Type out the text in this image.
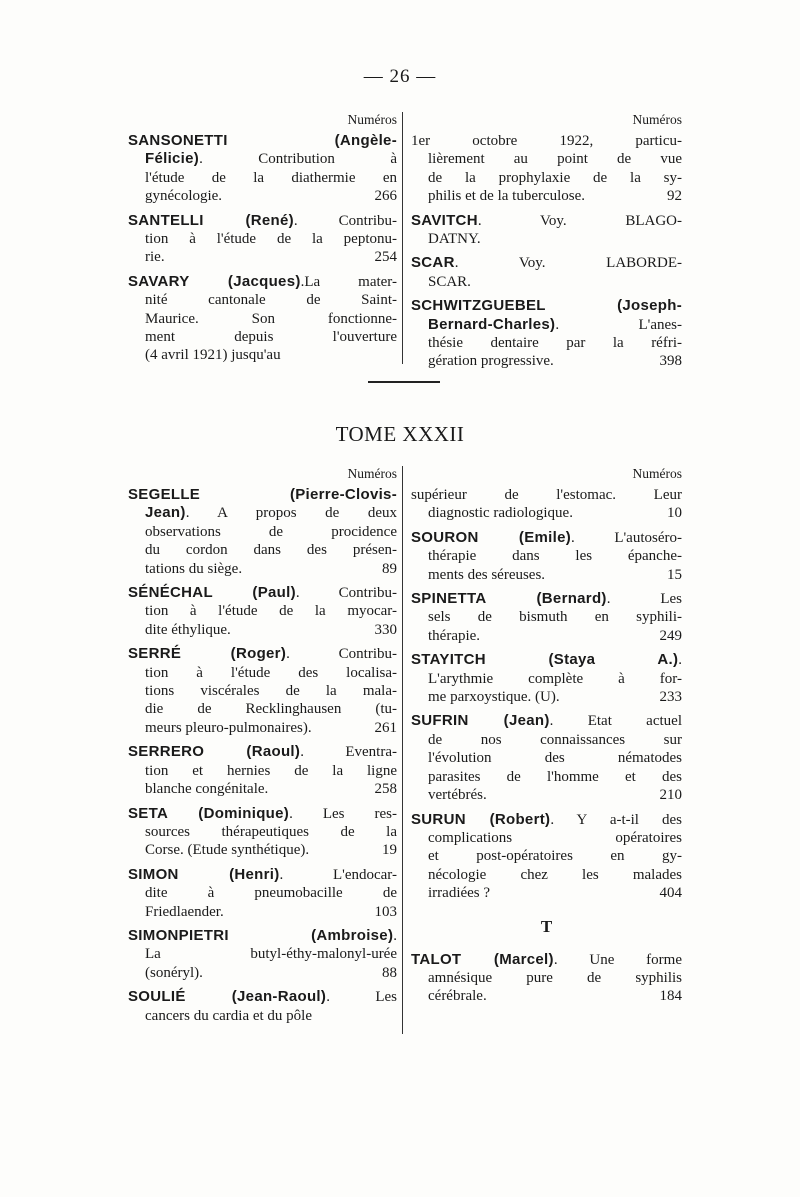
— 26 —
Numéros
SANSONETTI (Angèle-
Félicie). Contribution à
l'étude de la diathermie en
gynécologie.	266
SANTELLI (René). Contribu-
tion à l'étude de la peptonu-
rie.	254
SAVARY (Jacques).La mater-
nité cantonale de Saint-
Maurice. Son fonctionne-
ment depuis l'ouverture
(4 avril 1921) jusqu'au
Numéros
1er octobre 1922, particu-
lièrement au point de vue
de la prophylaxie de la sy-
philis et de la tuberculose.	92
SAVITCH. Voy. BLAGO-
DATNY.
SCAR. Voy. LABORDE-
SCAR.
SCHWITZGUEBEL (Joseph-
Bernard-Charles). L'anes-
thésie dentaire par la réfri-
gération progressive.	398
TOME XXXII
Numéros
SEGELLE (Pierre-Clovis-
Jean). A propos de deux
observations de procidence
du cordon dans des présen-
tations du siège.	89
SÉNÉCHAL (Paul). Contribu-
tion à l'étude de la myocar-
dite éthylique.	330
SERRÉ (Roger). Contribu-
tion à l'étude des localisa-
tions viscérales de la mala-
die de Recklinghausen (tu-
meurs pleuro-pulmonaires).	261
SERRERO (Raoul). Eventra-
tion et hernies de la ligne
blanche congénitale.	258
SETA (Dominique). Les res-
sources thérapeutiques de la
Corse. (Etude synthétique).	19
SIMON (Henri). L'endocar-
dite à pneumobacille de
Friedlaender.	103
SIMONPIETRI (Ambroise).
La butyl-éthy-malonyl-urée
(sonéryl).	88
SOULIÉ (Jean-Raoul). Les
cancers du cardia et du pôle
Numéros
supérieur de l'estomac. Leur
diagnostic radiologique.	10
SOURON (Emile). L'autoséro-
thérapie dans les épanche-
ments des séreuses.	15
SPINETTA (Bernard). Les
sels de bismuth en syphili-
thérapie.	249
STAYITCH (Staya A.).
L'arythmie complète à for-
me parxoystique. (U).	233
SUFRIN (Jean). Etat actuel
de nos connaissances sur
l'évolution des nématodes
parasites de l'homme et des
vertébrés.	210
SURUN (Robert). Y a-t-il des
complications opératoires
et post-opératoires en gy-
nécologie chez les malades
irradiées ?	404
T
TALOT (Marcel). Une forme
amnésique pure de syphilis
cérébrale.	184
